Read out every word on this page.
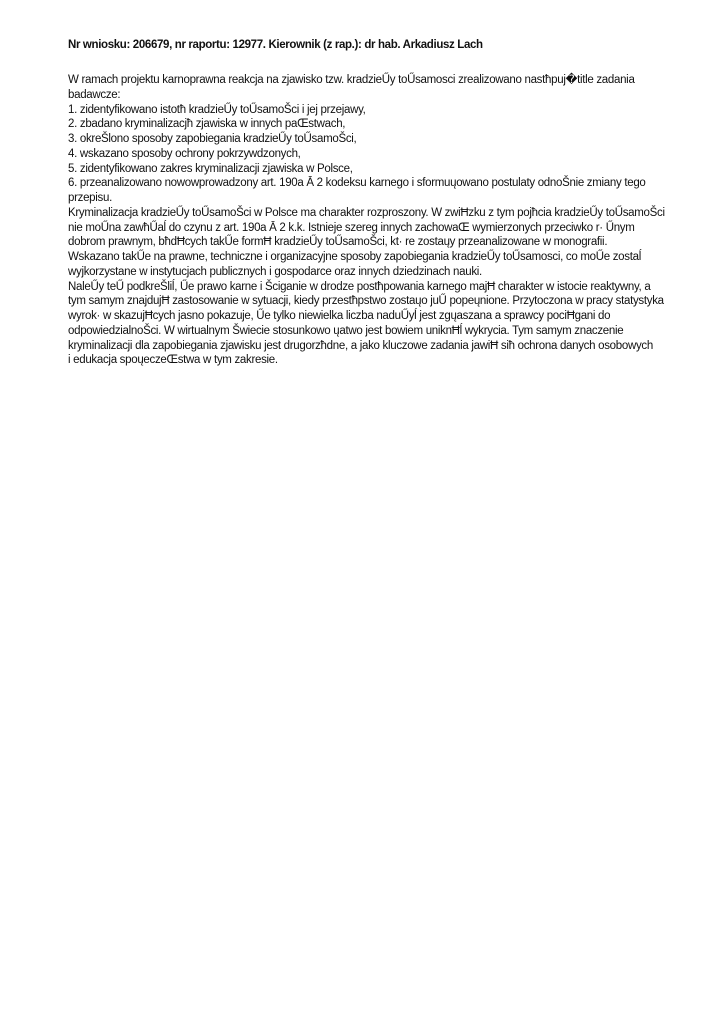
Nr wniosku: 206679, nr raportu: 12977. Kierownik (z rap.): dr hab. Arkadiusz Lach

W ramach projektu karnoprawna reakcja na zjawisko tzw. kradzieŰy toŰsamosci zrealizowano nastħpuj�title zadania
badawcze:
1. zidentyfikowano istotħ kradzieŰy toŰsamoŠci i jej przejawy,
2. zbadano kryminalizacjħ zjawiska w innych paŒstwach,
3. okreŠlono sposoby zapobiegania kradzieŰy toŰsamoŠci,
4. wskazano sposoby ochrony pokrzywdzonych,
5. zidentyfikowano zakres kryminalizacji zjawiska w Polsce,
6. przeanalizowano nowowprowadzony art. 190a Ā 2 kodeksu karnego i sformuųowano postulaty odnoŠnie zmiany tego
przepisu.
Kryminalizacja kradzieŰy toŰsamoŠci w Polsce ma charakter rozproszony. W zwiĦzku z tym pojħcia kradzieŰy toŰsamoŠci
nie moŰna zawħŰaĺ do czynu z art. 190a Ā 2 k.k. Istnieje szereg innych zachowaŒ wymierzonych przeciwko r· Űnym
dobrom prawnym, bħdĦcych takŰe formĦ kradzieŰy toŰsamoŠci, kt· re zostaųy przeanalizowane w monografii.
Wskazano takŰe na prawne, techniczne i organizacyjne sposoby zapobiegania kradzieŰy toŰsamosci, co moŰe zostaĺ
wyjkorzystane w instytucjach publicznych i gospodarce oraz innych dziedzinach nauki.
NaleŰy teŰ podkreŠliĺ, Űe prawo karne i Šciganie w drodze postħpowania karnego majĦ charakter w istocie reaktywny, a
tym samym znajdujĦ zastosowanie w sytuacji, kiedy przestħpstwo zostaųo juŰ popeųnione. Przytoczona w pracy statystyka
wyrok· w skazujĦcych jasno pokazuje, Űe tylko niewielka liczba naduŰyĺ jest zgųaszana a sprawcy pociĦgani do
odpowiedzialnoŠci. W wirtualnym Šwiecie stosunkowo ųatwo jest bowiem uniknĦĺ wykrycia. Tym samym znaczenie
kryminalizacji dla zapobiegania zjawisku jest drugorzħdne, a jako kluczowe zadania jawiĦ siħ ochrona danych osobowych
i edukacja spoųeczeŒstwa w tym zakresie.
